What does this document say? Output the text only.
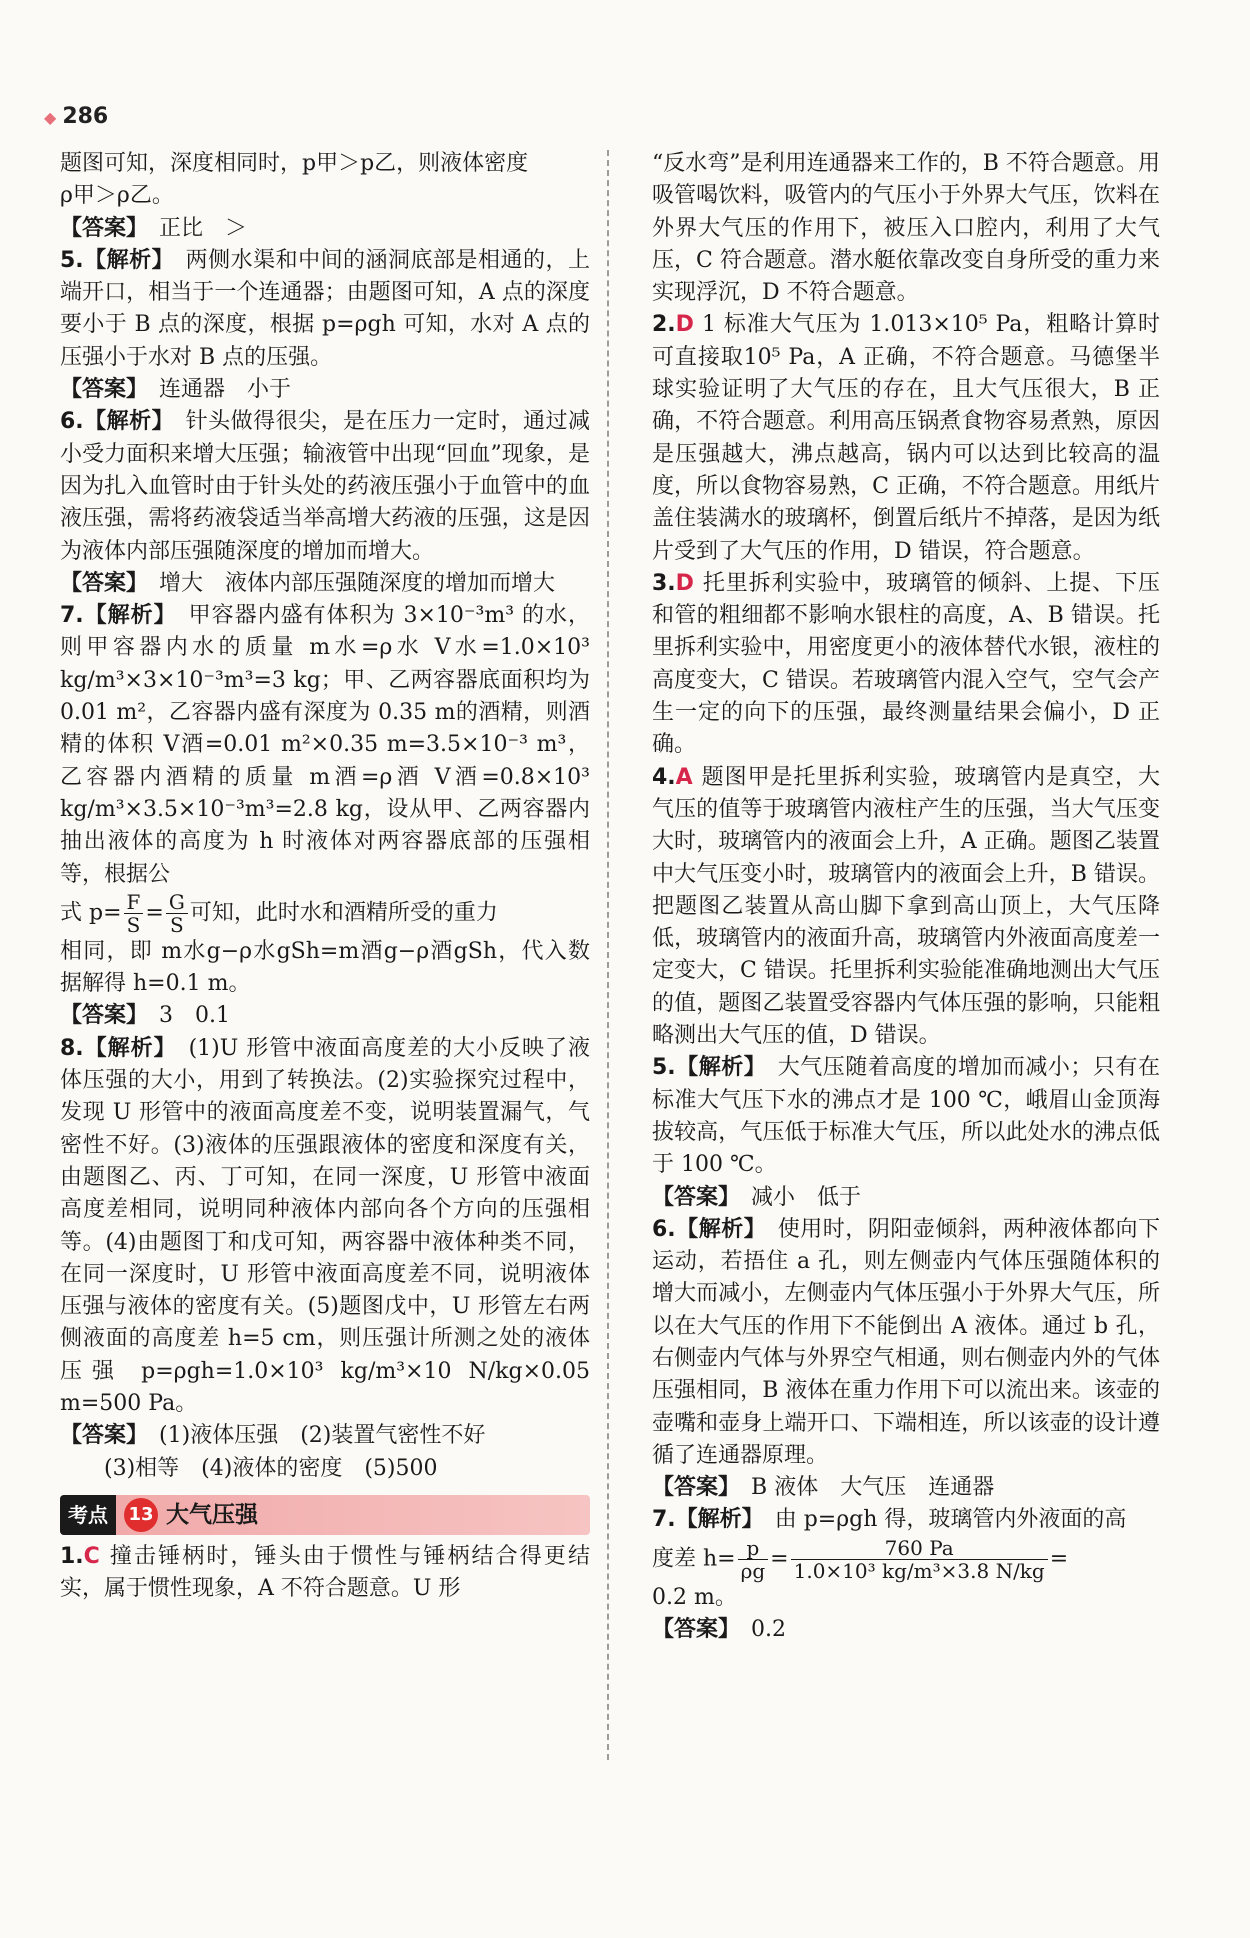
◆ 286

题图可知，深度相同时，p甲＞p乙，则液体密度
ρ甲＞ρ乙。

【答案】　 正比　＞

5.【解析】　 两侧水渠和中间的涵洞底部是相通的，上端开口，相当于一个连通器；由题图可知，A 点的深度要小于 B 点的深度，根据 p=ρgh 可知，水对 A 点的压强小于水对 B 点的压强。

【答案】　 连通器　小于

6.【解析】　 针头做得很尖，是在压力一定时，通过减小受力面积来增大压强；输液管中出现“回血”现象，是因为扎入血管时由于针头处的药液压强小于血管中的血液压强，需将药液袋适当举高增大药液的压强，这是因为液体内部压强随深度的增加而增大。

【答案】　 增大　液体内部压强随深度的增加而增大

7.【解析】　 甲容器内盛有体积为 3×10⁻³m³ 的水，则甲容器内水的质量 m水=ρ水 V水=1.0×10³ kg/m³×3×10⁻³m³=3 kg；甲、乙两容器底面积均为 0.01 m²，乙容器内盛有深度为 0.35 m的酒精，则酒精的体积 V酒=0.01 m²×0.35 m=3.5×10⁻³ m³，乙容器内酒精的质量 m酒=ρ酒 V酒=0.8×10³ kg/m³×3.5×10⁻³m³=2.8 kg，设从甲、乙两容器内抽出液体的高度为 h 时液体对两容器底部的压强相等，根据公

式 $p= \frac{F}{S} = \frac{G}{S}$ 可知，此时水和酒精所受的重力

相同，即 m水g−ρ水gSh=m酒g−ρ酒gSh，代入数据解得 h=0.1 m。

【答案】　 3　0.1

8.【解析】　 (1)U 形管中液面高度差的大小反映了液体压强的大小，用到了转换法。(2)实验探究过程中，发现 U 形管中的液面高度差不变，说明装置漏气，气密性不好。(3)液体的压强跟液体的密度和深度有关，由题图乙、丙、丁可知，在同一深度，U 形管中液面高度差相同，说明同种液体内部向各个方向的压强相等。(4)由题图丁和戊可知，两容器中液体种类不同，在同一深度时，U 形管中液面高度差不同，说明液体压强与液体的密度有关。(5)题图戊中，U 形管左右两侧液面的高度差 h=5 cm，则压强计所测之处的液体压强 p=ρgh=1.0×10³ kg/m³×10 N/kg×0.05 m=500 Pa。

【答案】　 (1)液体压强　(2)装置气密性不好
　　(3)相等　(4)液体的密度　(5)500

考点	13 大气压强

1.C 撞击锤柄时，锤头由于惯性与锤柄结合得更结实，属于惯性现象，A 不符合题意。U 形

“反水弯”是利用连通器来工作的，B 不符合题意。用吸管喝饮料，吸管内的气压小于外界大气压，饮料在外界大气压的作用下，被压入口腔内，利用了大气压，C 符合题意。潜水艇依靠改变自身所受的重力来实现浮沉，D 不符合题意。

2.D 1 标准大气压为 1.013×10⁵ Pa，粗略计算时可直接取10⁵ Pa，A 正确，不符合题意。马德堡半球实验证明了大气压的存在，且大气压很大，B 正确，不符合题意。利用高压锅煮食物容易煮熟，原因是压强越大，沸点越高，锅内可以达到比较高的温度，所以食物容易熟，C 正确，不符合题意。用纸片盖住装满水的玻璃杯，倒置后纸片不掉落，是因为纸片受到了大气压的作用，D 错误，符合题意。

3.D 托里拆利实验中，玻璃管的倾斜、上提、下压和管的粗细都不影响水银柱的高度，A、B 错误。托里拆利实验中，用密度更小的液体替代水银，液柱的高度变大，C 错误。若玻璃管内混入空气，空气会产生一定的向下的压强，最终测量结果会偏小，D 正确。

4.A 题图甲是托里拆利实验，玻璃管内是真空，大气压的值等于玻璃管内液柱产生的压强，当大气压变大时，玻璃管内的液面会上升，A 正确。题图乙装置中大气压变小时，玻璃管内的液面会上升，B 错误。把题图乙装置从高山脚下拿到高山顶上，大气压降低，玻璃管内的液面升高，玻璃管内外液面高度差一定变大，C 错误。托里拆利实验能准确地测出大气压的值，题图乙装置受容器内气体压强的影响，只能粗略测出大气压的值，D 错误。

5.【解析】　 大气压随着高度的增加而减小；只有在标准大气压下水的沸点才是 100 ℃，峨眉山金顶海拔较高，气压低于标准大气压，所以此处水的沸点低于 100 ℃。

【答案】　 减小　低于

6.【解析】　 使用时，阴阳壶倾斜，两种液体都向下运动，若捂住 a 孔，则左侧壶内气体压强随体积的增大而减小，左侧壶内气体压强小于外界大气压，所以在大气压的作用下不能倒出 A 液体。通过 b 孔，右侧壶内气体与外界空气相通，则右侧壶内外的气体压强相同，B 液体在重力作用下可以流出来。该壶的壶嘴和壶身上端开口、下端相连，所以该壶的设计遵循了连通器原理。

【答案】　 B 液体　大气压　连通器

7.【解析】　 由 p=ρgh 得，玻璃管内外液面的高

度差 $h= \frac{p}{\rho g} = \frac{760 Pa}{\text{1.0×10³ kg/m³×3.8 N/kg}}$ =

0.2 m。

【答案】　 0.2
